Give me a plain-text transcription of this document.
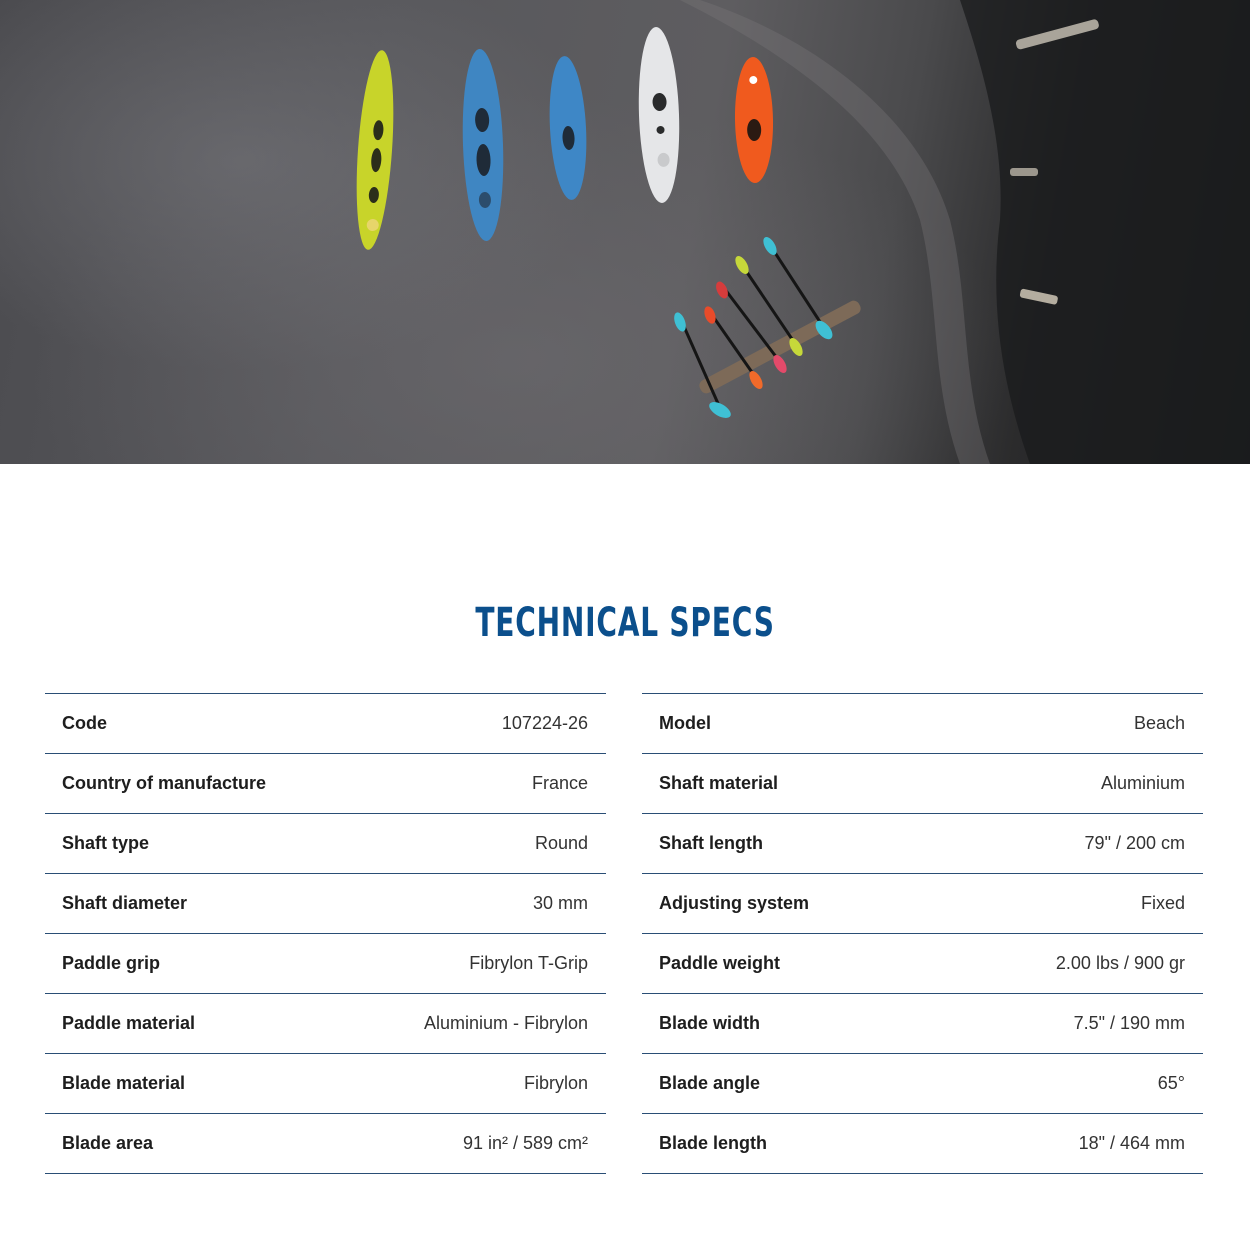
TECHNICAL SPECS
Code	107224-26
Country of manufacture	France
Shaft type	Round
Shaft diameter	30 mm
Paddle grip	Fibrylon T-Grip
Paddle material	Aluminium - Fibrylon
Blade material	Fibrylon
Blade area	91 in² / 589 cm²
Model	Beach
Shaft material	Aluminium
Shaft length	79" / 200 cm
Adjusting system	Fixed
Paddle weight	2.00 lbs / 900 gr
Blade width	7.5" / 190 mm
Blade angle	65°
Blade length	18" / 464 mm
